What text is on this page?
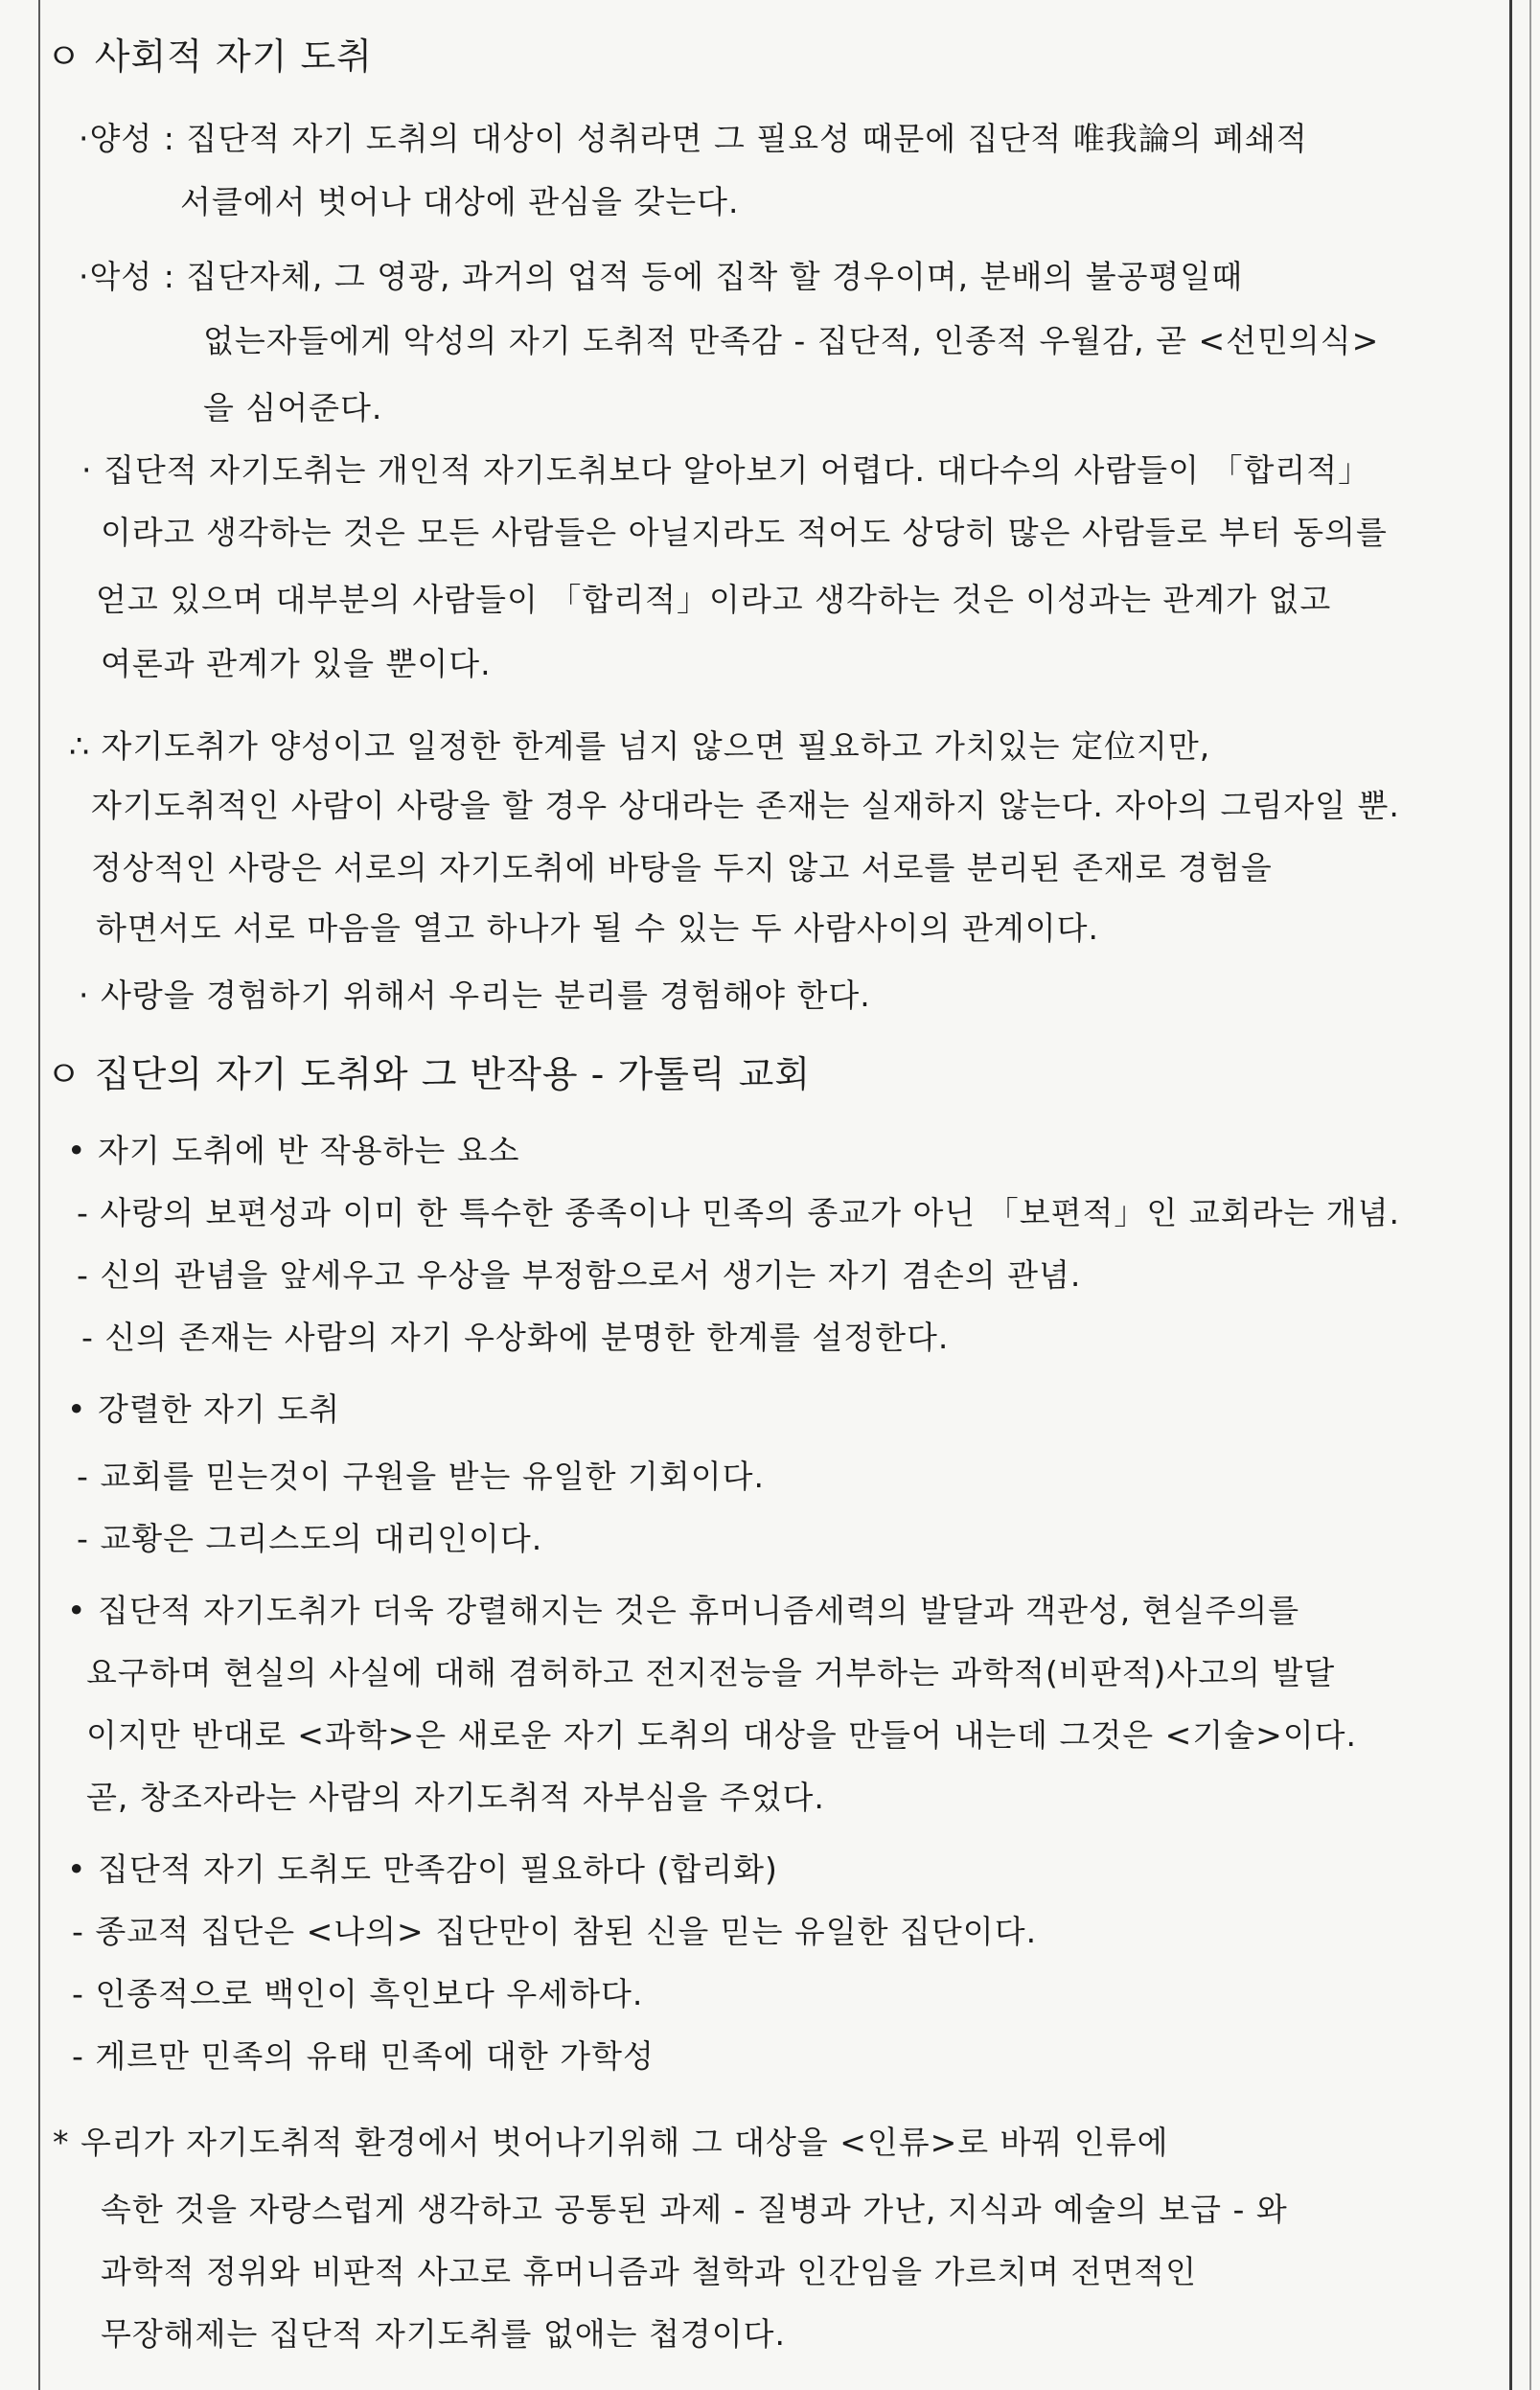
ㅇ 사회적 자기 도취
·양성 : 집단적 자기 도취의 대상이 성취라면 그 필요성 때문에 집단적 唯我論의 폐쇄적
서클에서 벗어나 대상에 관심을 갖는다.
·악성 : 집단자체, 그 영광, 과거의 업적 등에 집착 할 경우이며, 분배의 불공평일때
없는자들에게 악성의 자기 도취적 만족감 - 집단적, 인종적 우월감, 곧 <선민의식>
을 심어준다.
· 집단적 자기도취는 개인적 자기도취보다 알아보기 어렵다. 대다수의 사람들이 「합리적」
이라고 생각하는 것은 모든 사람들은 아닐지라도 적어도 상당히 많은 사람들로 부터 동의를
얻고 있으며 대부분의 사람들이 「합리적」이라고 생각하는 것은 이성과는 관계가 없고
여론과 관계가 있을 뿐이다.
∴ 자기도취가 양성이고 일정한 한계를 넘지 않으면 필요하고 가치있는 定位지만,
자기도취적인 사람이 사랑을 할 경우 상대라는 존재는 실재하지 않는다. 자아의 그림자일 뿐.
정상적인 사랑은 서로의 자기도취에 바탕을 두지 않고 서로를 분리된 존재로 경험을
하면서도 서로 마음을 열고 하나가 될 수 있는 두 사람사이의 관계이다.
· 사랑을 경험하기 위해서 우리는 분리를 경험해야 한다.
ㅇ 집단의 자기 도취와 그 반작용 - 가톨릭 교회
• 자기 도취에 반 작용하는 요소
- 사랑의 보편성과 이미 한 특수한 종족이나 민족의 종교가 아닌 「보편적」인 교회라는 개념.
- 신의 관념을 앞세우고 우상을 부정함으로서 생기는 자기 겸손의 관념.
- 신의 존재는 사람의 자기 우상화에 분명한 한계를 설정한다.
• 강렬한 자기 도취
- 교회를 믿는것이 구원을 받는 유일한 기회이다.
- 교황은 그리스도의 대리인이다.
• 집단적 자기도취가 더욱 강렬해지는 것은 휴머니즘세력의 발달과 객관성, 현실주의를
요구하며 현실의 사실에 대해 겸허하고 전지전능을 거부하는 과학적(비판적)사고의 발달
이지만 반대로 <과학>은 새로운 자기 도취의 대상을 만들어 내는데 그것은 <기술>이다.
곧, 창조자라는 사람의 자기도취적 자부심을 주었다.
• 집단적 자기 도취도 만족감이 필요하다 (합리화)
- 종교적 집단은 <나의> 집단만이 참된 신을 믿는 유일한 집단이다.
- 인종적으로 백인이 흑인보다 우세하다.
- 게르만 민족의 유태 민족에 대한 가학성
* 우리가 자기도취적 환경에서 벗어나기위해 그 대상을 <인류>로 바꿔 인류에
속한 것을 자랑스럽게 생각하고 공통된 과제 - 질병과 가난, 지식과 예술의 보급 - 와
과학적 정위와 비판적 사고로 휴머니즘과 철학과 인간임을 가르치며 전면적인
무장해제는 집단적 자기도취를 없애는 첩경이다.
